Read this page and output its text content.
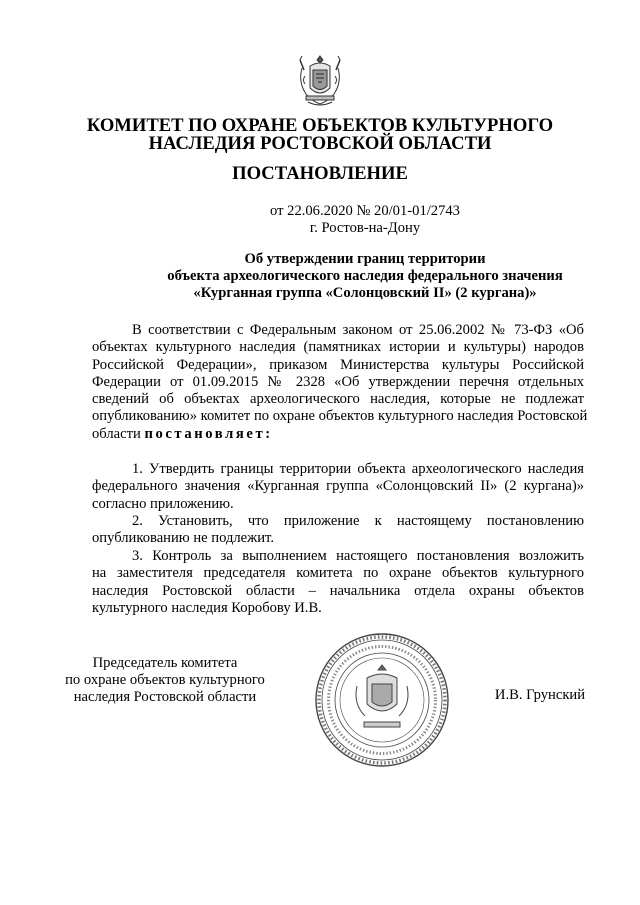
КОМИТЕТ ПО ОХРАНЕ ОБЪЕКТОВ КУЛЬТУРНОГО
НАСЛЕДИЯ РОСТОВСКОЙ ОБЛАСТИ
ПОСТАНОВЛЕНИЕ
от 22.06.2020 № 20/01-01/2743
г. Ростов-на-Дону
Об утверждении границ территории
объекта археологического наследия федерального значения
«Курганная группа «Солонцовский II» (2 кургана)»
В соответствии с Федеральным законом от 25.06.2002 № 73-ФЗ «Об
объектах культурного наследия (памятниках истории и культуры) народов
Российской Федерации», приказом Министерства культуры Российской
Федерации от 01.09.2015 № 2328 «Об утверждении перечня отдельных
сведений об объектах археологического наследия, которые не подлежат
опубликованию» комитет по охране объектов культурного наследия Ростовской
области постановляет:
1. Утвердить границы территории объекта археологического наследия
федерального значения «Курганная группа «Солонцовский II» (2 кургана)»
согласно приложению.
2. Установить, что приложение к настоящему постановлению
опубликованию не подлежит.
3. Контроль за выполнением настоящего постановления возложить
на заместителя председателя комитета по охране объектов культурного
наследия Ростовской области – начальника отдела охраны объектов
культурного наследия Коробову И.В.
Председатель комитета
по охране объектов культурного
наследия Ростовской области	И.В. Грунский
